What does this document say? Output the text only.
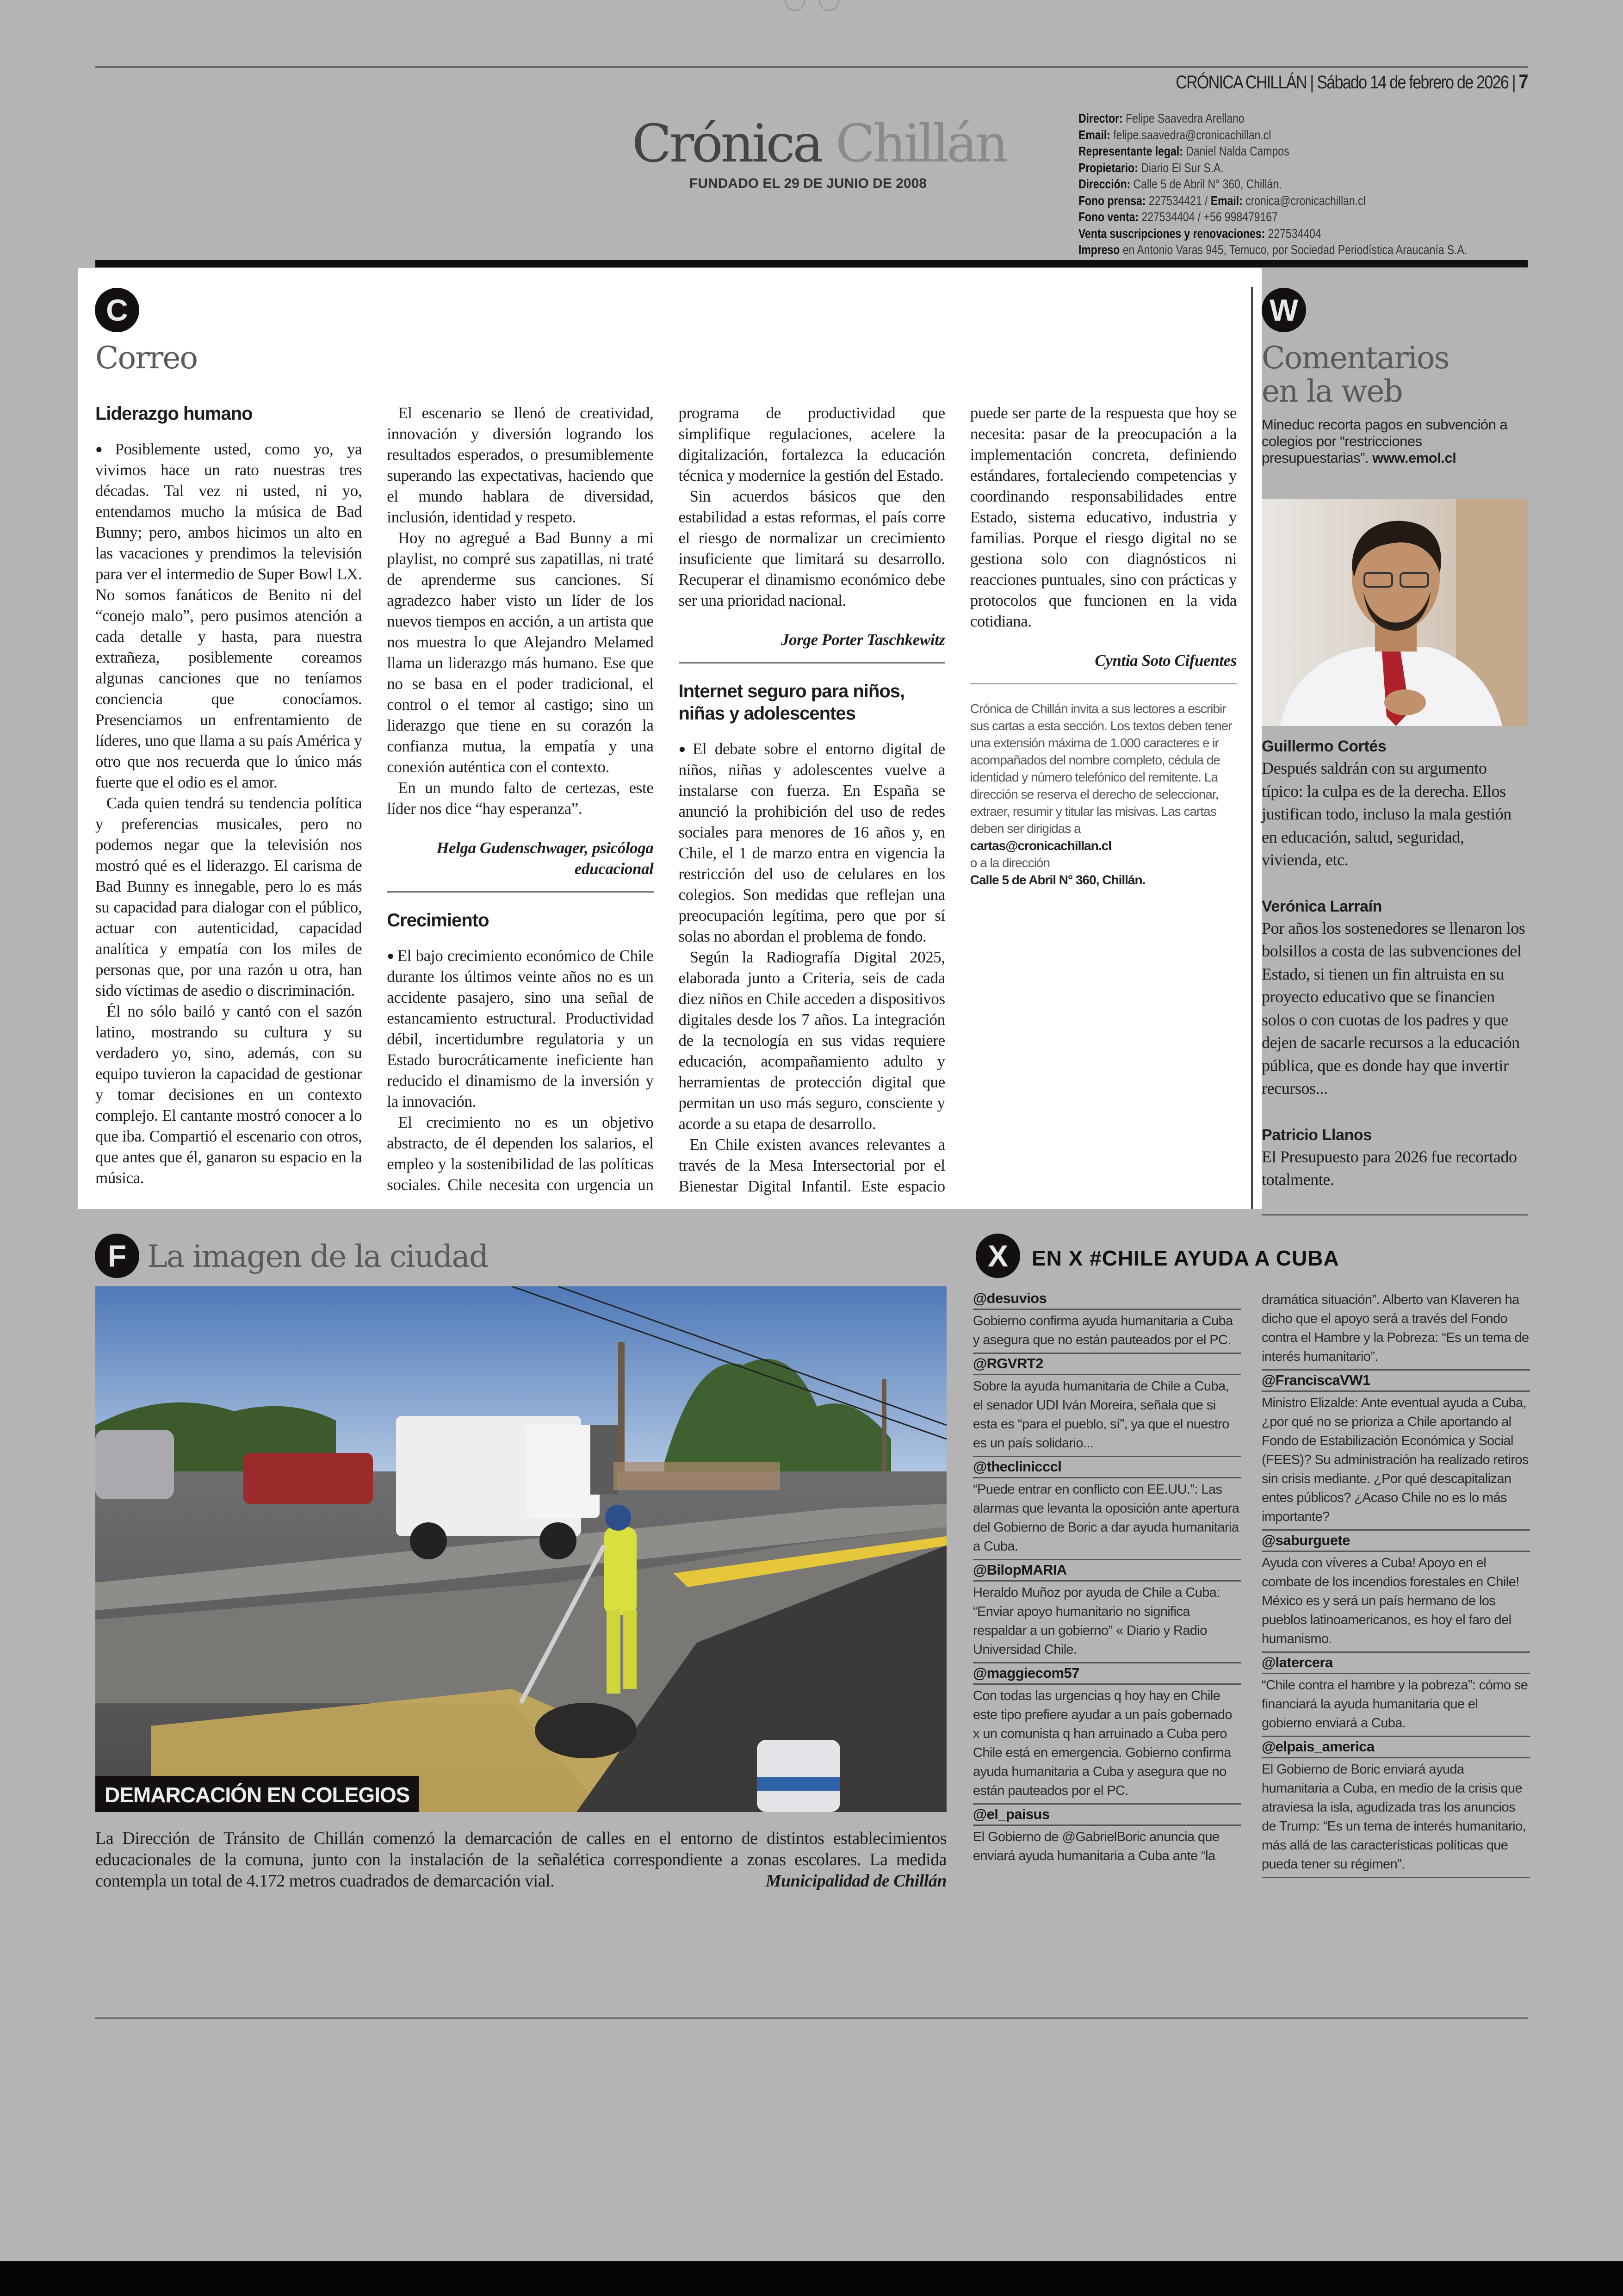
CRÓNICA CHILLÁN | Sábado 14 de febrero de 2026 | 7
Crónica Chillán
FUNDADO EL 29 DE JUNIO DE 2008
Director: Felipe Saavedra Arellano
Email: felipe.saavedra@cronicachillan.cl
Representante legal: Daniel Nalda Campos
Propietario: Diario El Sur S.A.
Dirección: Calle 5 de Abril N° 360, Chillán.
Fono prensa: 227534421 / Email: cronica@cronicachillan.cl
Fono venta: 227534404 / +56 998479167
Venta suscripciones y renovaciones: 227534404
Impreso en Antonio Varas 945, Temuco, por Sociedad Periodística Araucanía S.A.
C
Correo
Liderazgo humano

● Posiblemente usted, como yo, ya vivimos hace un rato nuestras tres décadas. Tal vez ni usted, ni yo, entendamos mucho la música de Bad Bunny; pero, ambos hicimos un alto en las vacaciones y prendimos la televisión para ver el intermedio de Super Bowl LX. No somos fanáticos de Benito ni del “conejo malo”, pero pusimos atención a cada detalle y hasta, para nuestra extrañeza, posiblemente coreamos algunas canciones que no teníamos conciencia que conocíamos. Presenciamos un enfrentamiento de líderes, uno que llama a su país América y otro que nos recuerda que lo único más fuerte que el odio es el amor.

Cada quien tendrá su tendencia política y preferencias musicales, pero no podemos negar que la televisión nos mostró qué es el liderazgo. El carisma de Bad Bunny es innegable, pero lo es más su capacidad para dialogar con el público, actuar con autenticidad, capacidad analítica y empatía con los miles de personas que, por una razón u otra, han sido víctimas de asedio o discriminación.

Él no sólo bailó y cantó con el sazón latino, mostrando su cultura y su verdadero yo, sino, además, con su equipo tuvieron la capacidad de gestionar y tomar decisiones en un contexto complejo. El cantante mostró conocer a lo que iba. Compartió el escenario con otros, que antes que él, ganaron su espacio en la música.

El escenario se llenó de creatividad, innovación y diversión logrando los resultados esperados, o presumiblemente superando las expectativas, haciendo que el mundo hablara de diversidad, inclusión, identidad y respeto.

Hoy no agregué a Bad Bunny a mi playlist, no compré sus zapatillas, ni traté de aprenderme sus canciones. Sí agradezco haber visto un líder de los nuevos tiempos en acción, a un artista que nos muestra lo que Alejandro Melamed llama un liderazgo más humano. Ese que no se basa en el poder tradicional, el control o el temor al castigo; sino un liderazgo que tiene en su corazón la confianza mutua, la empatía y una conexión auténtica con el contexto.

En un mundo falto de certezas, este líder nos dice “hay esperanza”.

Helga Gudenschwager, psicóloga educacional

Crecimiento

● El bajo crecimiento económico de Chile durante los últimos veinte años no es un accidente pasajero, sino una señal de estancamiento estructural. Productividad débil, incertidumbre regulatoria y un Estado burocráticamente ineficiente han reducido el dinamismo de la inversión y la innovación.

El crecimiento no es un objetivo abstracto, de él dependen los salarios, el empleo y la sostenibilidad de las políticas sociales. Chile necesita con urgencia un programa de productividad que simplifique regulaciones, acelere la digitalización, fortalezca la educación técnica y modernice la gestión del Estado.

Sin acuerdos básicos que den estabilidad a estas reformas, el país corre el riesgo de normalizar un crecimiento insuficiente que limitará su desarrollo. Recuperar el dinamismo económico debe ser una prioridad nacional.

Jorge Porter Taschkewitz

Internet seguro para niños, niñas y adolescentes

● El debate sobre el entorno digital de niños, niñas y adolescentes vuelve a instalarse con fuerza. En España se anunció la prohibición del uso de redes sociales para menores de 16 años y, en Chile, el 1 de marzo entra en vigencia la restricción del uso de celulares en los colegios. Son medidas que reflejan una preocupación legítima, pero que por sí solas no abordan el problema de fondo.

Según la Radiografía Digital 2025, elaborada junto a Criteria, seis de cada diez niños en Chile acceden a dispositivos digitales desde los 7 años. La integración de la tecnología en sus vidas requiere educación, acompañamiento adulto y herramientas de protección digital que permitan un uso más seguro, consciente y acorde a su etapa de desarrollo.

En Chile existen avances relevantes a través de la Mesa Intersectorial por el Bienestar Digital Infantil. Este espacio puede ser parte de la respuesta que hoy se necesita: pasar de la preocupación a la implementación concreta, definiendo estándares, fortaleciendo competencias y coordinando responsabilidades entre Estado, sistema educativo, industria y familias. Porque el riesgo digital no se gestiona solo con diagnósticos ni reacciones puntuales, sino con prácticas y protocolos que funcionen en la vida cotidiana.

Cyntia Soto Cifuentes

Crónica de Chillán invita a sus lectores a escribir sus cartas a esta sección. Los textos deben tener una extensión máxima de 1.000 caracteres e ir acompañados del nombre completo, cédula de identidad y número telefónico del remitente. La dirección se reserva el derecho de seleccionar, extraer, resumir y titular las misivas. Las cartas deben ser dirigidas a
cartas@cronicachillan.cl
o a la dirección
Calle 5 de Abril N° 360, Chillán.
W
Comentarios
en la web
Mineduc recorta pagos en subvención a colegios por “restricciones presupuestarias”. www.emol.cl
Guillermo Cortés
Después saldrán con su argumento típico: la culpa es de la derecha. Ellos justifican todo, incluso la mala gestión en educación, salud, seguridad, vivienda, etc.
Verónica Larraín
Por años los sostenedores se llenaron los bolsillos a costa de las subvenciones del Estado, si tienen un fin altruista en su proyecto educativo que se financien solos o con cuotas de los padres y que dejen de sacarle recursos a la educación pública, que es donde hay que invertir recursos...
Patricio Llanos
El Presupuesto para 2026 fue recortado totalmente.
F La imagen de la ciudad
DEMARCACIÓN EN COLEGIOS
La Dirección de Tránsito de Chillán comenzó la demarcación de calles en el entorno de distintos establecimientos educacionales de la comuna, junto con la instalación de la señalética correspondiente a zonas escolares. La medida contempla un total de 4.172 metros cuadrados de demarcación vial.	Municipalidad de Chillán
X	EN X #CHILE AYUDA A CUBA
@desuvios
Gobierno confirma ayuda humanitaria a Cuba y asegura que no están pauteados por el PC.
@RGVRT2
Sobre la ayuda humanitaria de Chile a Cuba, el senador UDI Iván Moreira, señala que si esta es “para el pueblo, sí”, ya que el nuestro es un país solidario...
@theclinicccl
“Puede entrar en conflicto con EE.UU.”: Las alarmas que levanta la oposición ante apertura del Gobierno de Boric a dar ayuda humanitaria a Cuba.
@BilopMARIA
Heraldo Muñoz por ayuda de Chile a Cuba: “Enviar apoyo humanitario no significa respaldar a un gobierno” « Diario y Radio Universidad Chile.
@maggiecom57
Con todas las urgencias q hoy hay en Chile este tipo prefiere ayudar a un país gobernado x un comunista q han arruinado a Cuba pero Chile está en emergencia. Gobierno confirma ayuda humanitaria a Cuba y asegura que no están pauteados por el PC.
@el_paisus
El Gobierno de @GabrielBoric anuncia que enviará ayuda humanitaria a Cuba ante “la
dramática situación”. Alberto van Klaveren ha dicho que el apoyo será a través del Fondo contra el Hambre y la Pobreza: “Es un tema de interés humanitario”.
@FranciscaVW1
Ministro Elizalde: Ante eventual ayuda a Cuba, ¿por qué no se prioriza a Chile aportando al Fondo de Estabilización Económica y Social (FEES)? Su administración ha realizado retiros sin crisis mediante. ¿Por qué descapitalizan entes públicos? ¿Acaso Chile no es lo más importante?
@saburguete
Ayuda con víveres a Cuba! Apoyo en el combate de los incendios forestales en Chile! México es y será un país hermano de los pueblos latinoamericanos, es hoy el faro del humanismo.
@latercera
“Chile contra el hambre y la pobreza”: cómo se financiará la ayuda humanitaria que el gobierno enviará a Cuba.
@elpais_america
El Gobierno de Boric enviará ayuda humanitaria a Cuba, en medio de la crisis que atraviesa la isla, agudizada tras los anuncios de Trump: “Es un tema de interés humanitario, más allá de las características políticas que pueda tener su régimen”.
